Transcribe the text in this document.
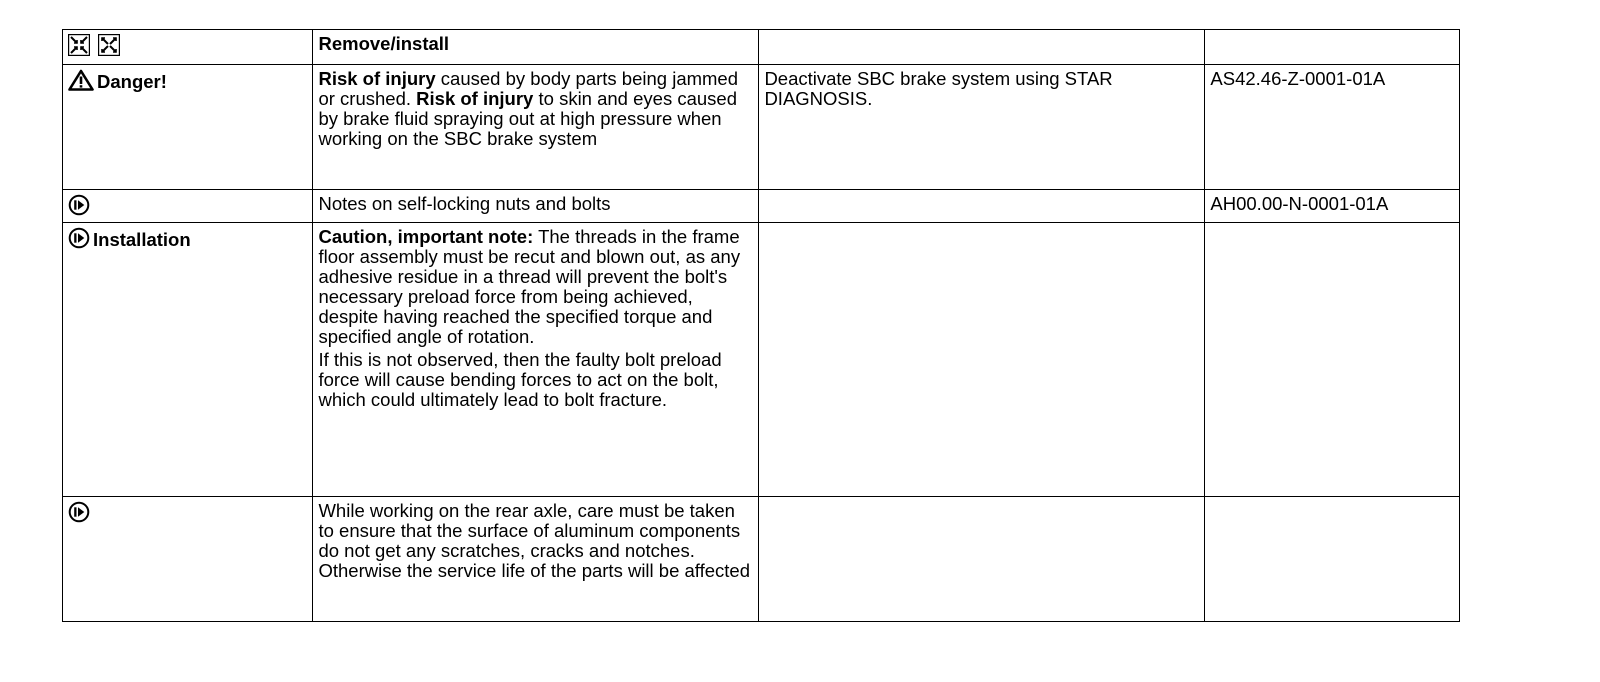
	Remove/install		
Danger!	Risk of injury caused by body parts being jammed or crushed. Risk of injury to skin and eyes caused by brake fluid spraying out at high pressure when working on the SBC brake system	Deactivate SBC brake system using STAR DIAGNOSIS.	AS42.46-Z-0001-01A
	Notes on self-locking nuts and bolts		AH00.00-N-0001-01A
Installation	Caution, important note: The threads in the frame floor assembly must be recut and blown out, as any adhesive residue in a thread will prevent the bolt's necessary preload force from being achieved, despite having reached the specified torque and specified angle of rotation.

If this is not observed, then the faulty bolt preload force will cause bending forces to act on the bolt, which could ultimately lead to bolt fracture.		

	While working on the rear axle, care must be taken to ensure that the surface of aluminum components do not get any scratches, cracks and notches. Otherwise the service life of the parts will be affected		
